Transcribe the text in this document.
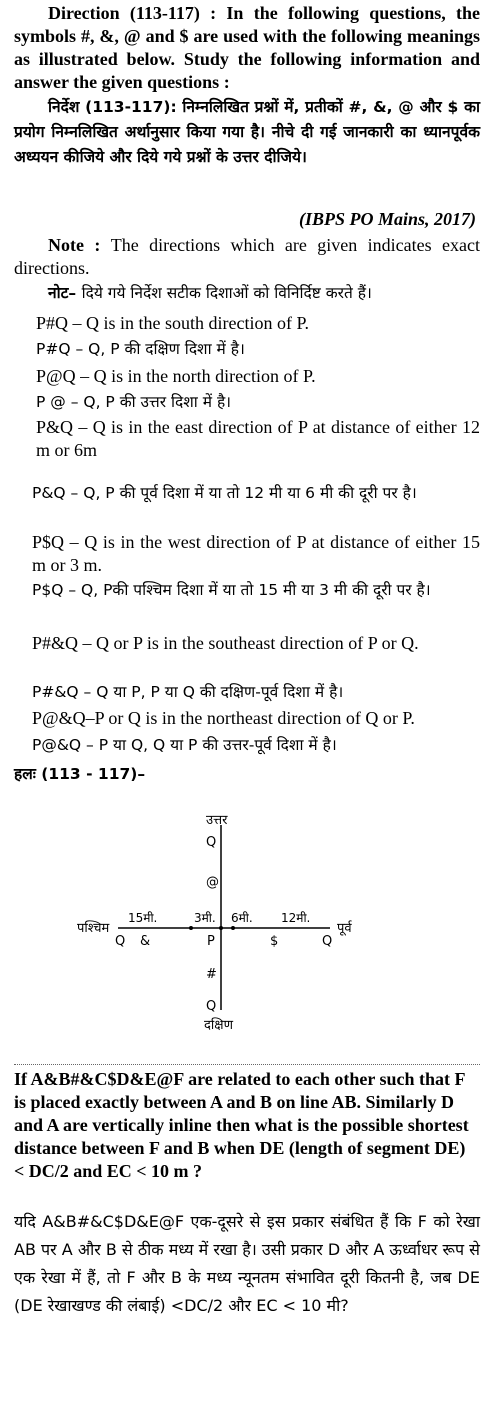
Direction (113-117) : In the following questions, the symbols #, &, @ and $ are used with the following meanings as illustrated below. Study the following information and answer the given questions :

निर्देश (113-117): निम्नलिखित प्रश्नों में, प्रतीकों #, &, @ और $ का प्रयोग निम्नलिखित अर्थानुसार किया गया है। नीचे दी गई जानकारी का ध्यानपूर्वक अध्ययन कीजिये और दिये गये प्रश्नों के उत्तर दीजिये।

(IBPS PO Mains, 2017)

Note : The directions which are given indicates exact directions.

नोट– दिये गये निर्देश सटीक दिशाओं को विनिर्दिष्ट करते हैं।

P#Q – Q is in the south direction of P.

P#Q – Q, P की दक्षिण दिशा में है।

P@Q – Q is in the north direction of P.

P @ – Q, P की उत्तर दिशा में है।

P&Q – Q is in the east direction of P at distance of either 12 m or 6m

P&Q – Q, P की पूर्व दिशा में या तो 12 मी या 6 मी की दूरी पर है।

P$Q – Q is in the west direction of P at distance of either 15 m or 3 m.

P$Q – Q, Pकी पश्चिम दिशा में या तो 15 मी या 3 मी की दूरी पर है।

P#&Q – Q or P is in the southeast direction of P or Q.

P#&Q – Q या P, P या Q की दक्षिण-पूर्व दिशा में है।

P@&Q–P or Q is in the northeast direction of Q or P.

P@&Q – P या Q, Q या P की उत्तर-पूर्व दिशा में है।

हलः (113 - 117)–

उत्तर
दक्षिण
पश्चिम	पूर्व
Q
Q
Q	Q
P
@
#
&	$
15मी.	3मी. 6मी. 12मी.

If A&B#&C$D&E@F are related to each other such that F is placed exactly between A and B on line AB. Similarly D and A are vertically inline then what is the possible shortest distance between F and B when DE (length of segment DE) < DC/2 and EC < 10 m ?

यदि A&B#&C$D&E@F एक-दूसरे से इस प्रकार संबंधित हैं कि F को रेखा AB पर A और B से ठीक मध्य में रखा है। उसी प्रकार D और A ऊर्ध्वाधर रूप से एक रेखा में हैं, तो F और B के मध्य न्यूनतम संभावित दूरी कितनी है, जब DE (DE रेखाखण्ड की लंबाई) <DC/2 और EC < 10 मी?
